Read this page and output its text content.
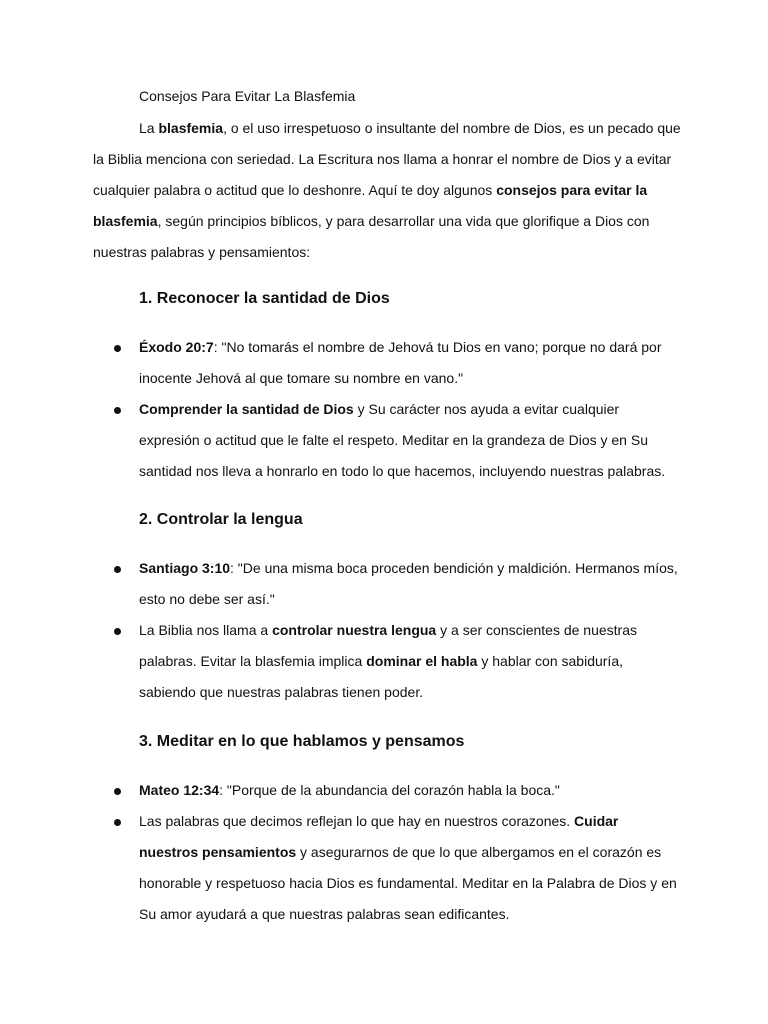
Consejos Para Evitar La Blasfemia

La blasfemia, o el uso irrespetuoso o insultante del nombre de Dios, es un pecado que la Biblia menciona con seriedad. La Escritura nos llama a honrar el nombre de Dios y a evitar cualquier palabra o actitud que lo deshonre. Aquí te doy algunos consejos para evitar la blasfemia, según principios bíblicos, y para desarrollar una vida que glorifique a Dios con nuestras palabras y pensamientos:

1. Reconocer la santidad de Dios
Éxodo 20:7: "No tomarás el nombre de Jehová tu Dios en vano; porque no dará por inocente Jehová al que tomare su nombre en vano."
Comprender la santidad de Dios y Su carácter nos ayuda a evitar cualquier expresión o actitud que le falte el respeto. Meditar en la grandeza de Dios y en Su santidad nos lleva a honrarlo en todo lo que hacemos, incluyendo nuestras palabras.
2. Controlar la lengua
Santiago 3:10: "De una misma boca proceden bendición y maldición. Hermanos míos, esto no debe ser así."
La Biblia nos llama a controlar nuestra lengua y a ser conscientes de nuestras palabras. Evitar la blasfemia implica dominar el habla y hablar con sabiduría, sabiendo que nuestras palabras tienen poder.
3. Meditar en lo que hablamos y pensamos
Mateo 12:34: "Porque de la abundancia del corazón habla la boca."
Las palabras que decimos reflejan lo que hay en nuestros corazones. Cuidar nuestros pensamientos y asegurarnos de que lo que albergamos en el corazón es honorable y respetuoso hacia Dios es fundamental. Meditar en la Palabra de Dios y en Su amor ayudará a que nuestras palabras sean edificantes.
